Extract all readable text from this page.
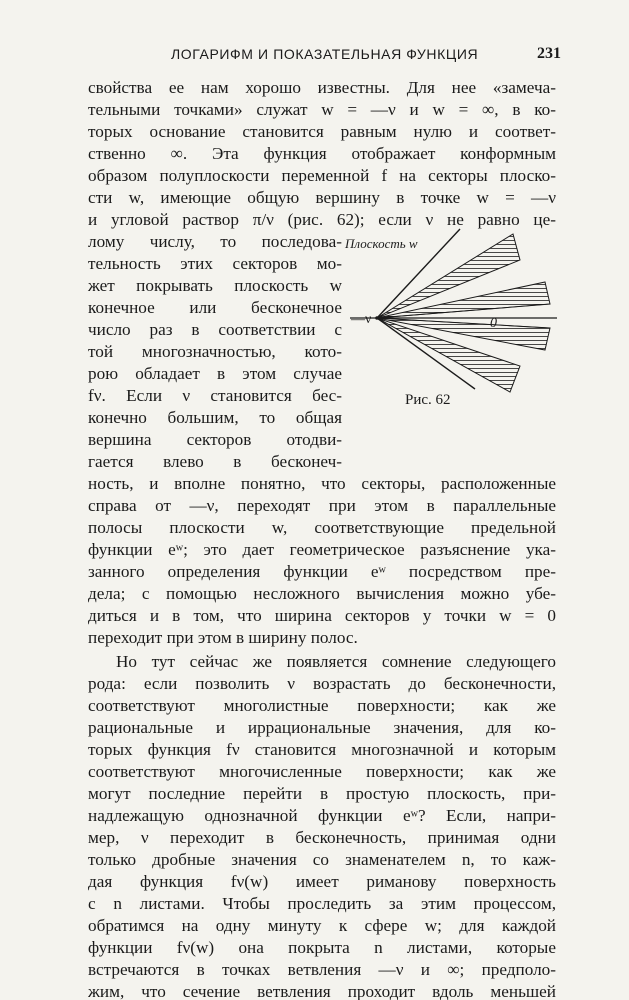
ЛОГАРИФМ И ПОКАЗАТЕЛЬНАЯ ФУНКЦИЯ	231
свойства ее нам хорошо известны. Для нее «замеча-
тельными точками» служат w = —ν и w = ∞, в ко-
торых основание становится равным нулю и соответ-
ственно ∞. Эта функция отображает конформным
образом полуплоскости переменной f на секторы плоско-
сти w, имеющие общую вершину в точке w = —ν
и угловой раствор π/ν (рис. 62); если ν не равно це-
лому числу, то последова-
тельность этих секторов мо-
жет покрывать плоскость w
конечное или бесконечное
число раз в соответствии с
той многозначностью, кото-
рою обладает в этом случае
fν. Если ν становится бес-
конечно большим, то общая
вершина секторов отодви-
гается влево в бесконеч-
ность, и вполне понятно, что секторы, расположенные
справа от —ν, переходят при этом в параллельные
полосы плоскости w, соответствующие предельной
функции eʷ; это дает геометрическое разъяснение ука-
занного определения функции eʷ посредством пре-
дела; с помощью несложного вычисления можно убе-
диться и в том, что ширина секторов у точки w = 0
переходит при этом в ширину полос.
Но тут сейчас же появляется сомнение следующего
рода: если позволить ν возрастать до бесконечности,
соответствуют многолистные поверхности; как же
рациональные и иррациональные значения, для ко-
торых функция fν становится многозначной и которым
соответствуют многочисленные поверхности; как же
могут последние перейти в простую плоскость, при-
надлежащую однозначной функции eʷ? Если, напри-
мер, ν переходит в бесконечность, принимая одни
только дробные значения со знаменателем n, то каж-
дая функция fν(w) имеет риманову поверхность
с n листами. Чтобы проследить за этим процессом,
обратимся на одну минуту к сфере w; для каждой
функции fν(w) она покрыта n листами, которые
встречаются в точках ветвления —ν и ∞; предполо-
жим, что сечение ветвления проходит вдоль меньшей
Плоскость w
—ν	0
Рис. 62
